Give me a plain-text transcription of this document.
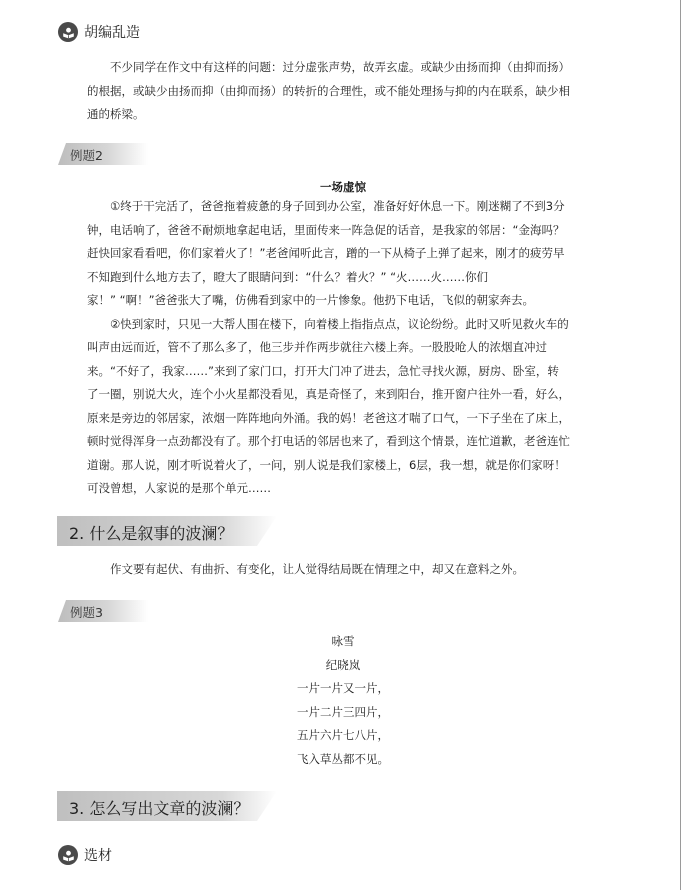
胡编乱造
不少同学在作文中有这样的问题：过分虚张声势，故弄玄虚。或缺少由扬而抑（由抑而扬）
的根据，或缺少由扬而抑（由抑而扬）的转折的合理性，或不能处理扬与抑的内在联系，缺少相
通的桥梁。
例题2

一场虚惊

①终于干完活了，爸爸拖着疲惫的身子回到办公室，准备好好休息一下。刚迷糊了不到3分
钟，电话响了，爸爸不耐烦地拿起电话，里面传来一阵急促的话音，是我家的邻居：“金海吗？
赶快回家看看吧，你们家着火了！”老爸闻听此言，蹭的一下从椅子上弹了起来，刚才的疲劳早
不知跑到什么地方去了，瞪大了眼睛问到：“什么？着火？” “火……火……你们
家！” “啊！”爸爸张大了嘴，仿佛看到家中的一片惨象。他扔下电话，飞似的朝家奔去。
②快到家时，只见一大帮人围在楼下，向着楼上指指点点，议论纷纷。此时又听见救火车的
叫声由远而近，管不了那么多了，他三步并作两步就往六楼上奔。一股股呛人的浓烟直冲过
来。“不好了，我家……”来到了家门口，打开大门冲了进去，急忙寻找火源，厨房、卧室，转
了一圈，别说大火，连个小火星都没看见，真是奇怪了，来到阳台，推开窗户往外一看，好么，
原来是旁边的邻居家，浓烟一阵阵地向外涌。我的妈！老爸这才喘了口气，一下子坐在了床上，
顿时觉得浑身一点劲都没有了。那个打电话的邻居也来了，看到这个情景，连忙道歉，老爸连忙
道谢。那人说，刚才听说着火了，一问，别人说是我们家楼上，6层，我一想，就是你们家呀！
可没曾想，人家说的是那个单元……
2. 什么是叙事的波澜？
作文要有起伏、有曲折、有变化，让人觉得结局既在情理之中，却又在意料之外。
例题3
咏雪
纪晓岚
一片一片又一片，
一片二片三四片，
五片六片七八片，
飞入草丛都不见。
3. 怎么写出文章的波澜？
选材
